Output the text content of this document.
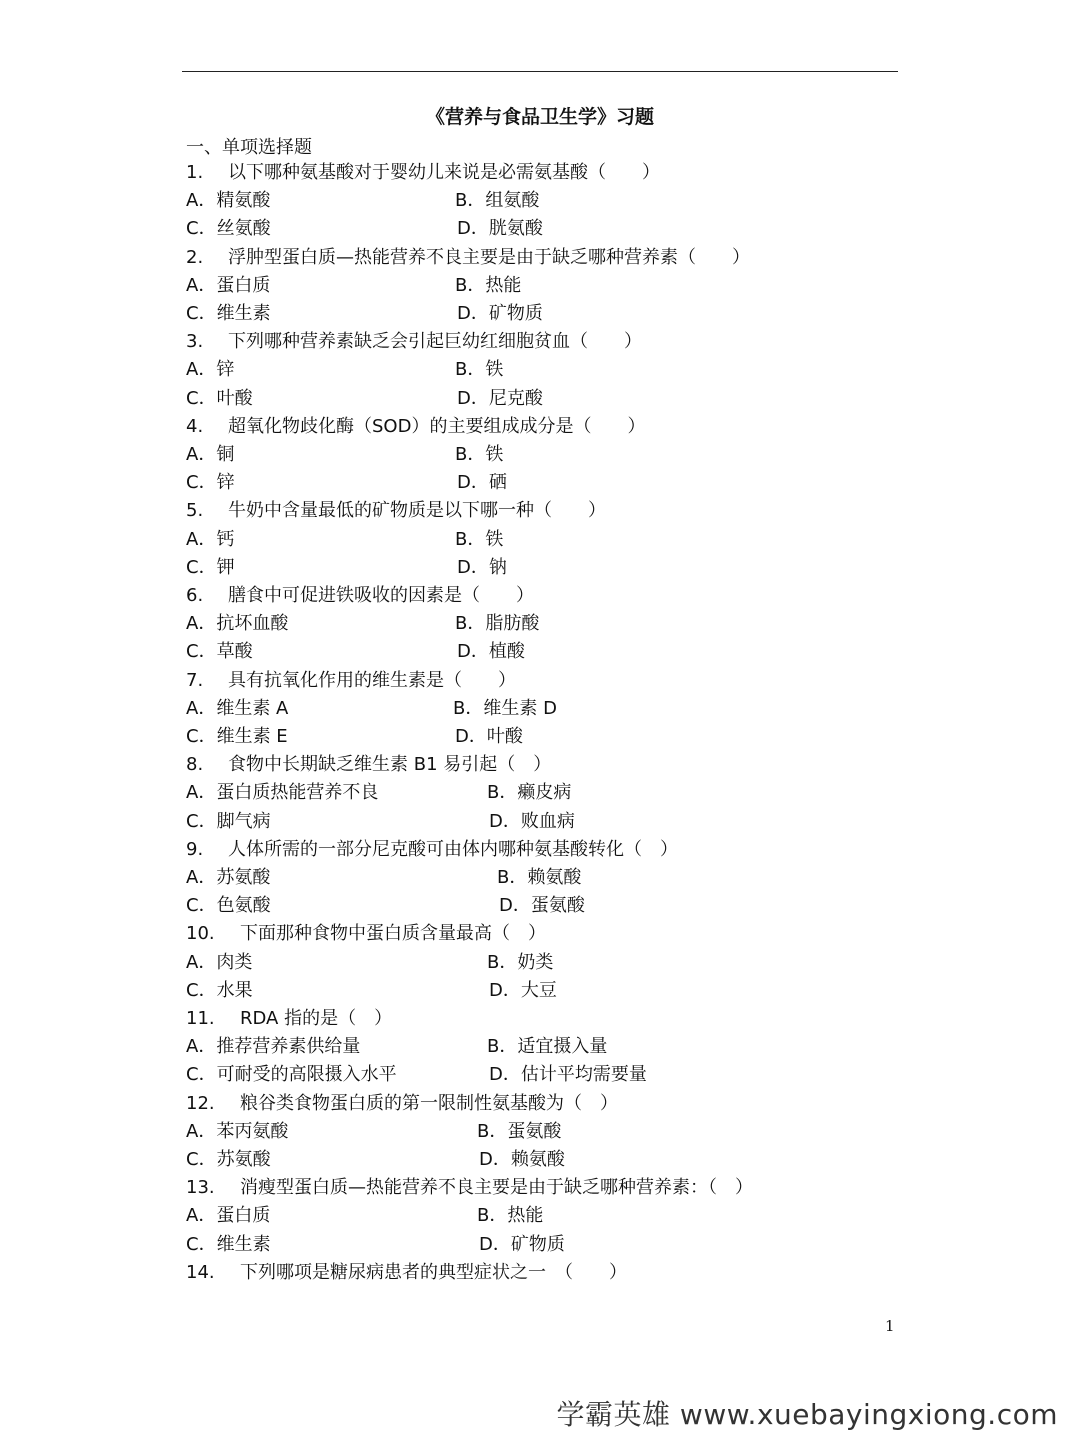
《营养与食品卫生学》习题
一、单项选择题
1. 以下哪种氨基酸对于婴幼儿来说是必需氨基酸（　　）
A．精氨酸	B．组氨酸
C．丝氨酸	D．胱氨酸
2. 浮肿型蛋白质—热能营养不良主要是由于缺乏哪种营养素（　　）
A．蛋白质	B．热能
C．维生素	D．矿物质
3. 下列哪种营养素缺乏会引起巨幼红细胞贫血（　　）
A．锌	B．铁
C．叶酸	D．尼克酸
4. 超氧化物歧化酶（SOD）的主要组成成分是（　　）
A．铜	B．铁
C．锌	D．硒
5. 牛奶中含量最低的矿物质是以下哪一种（　　）
A．钙	B．铁
C．钾	D．钠
6. 膳食中可促进铁吸收的因素是（　　）
A．抗坏血酸	B．脂肪酸
C．草酸	D．植酸
7. 具有抗氧化作用的维生素是（　　）
A．维生素 A	B．维生素 D
C．维生素 E	D．叶酸
8. 食物中长期缺乏维生素 B1 易引起（　）
A．蛋白质热能营养不良	B．癞皮病
C．脚气病	D．败血病
9. 人体所需的一部分尼克酸可由体内哪种氨基酸转化（　）
A．苏氨酸	B．赖氨酸
C．色氨酸	D．蛋氨酸
10. 下面那种食物中蛋白质含量最高（　）
A．肉类	B．奶类
C．水果	D．大豆
11. RDA 指的是（　）
A．推荐营养素供给量	B．适宜摄入量
C．可耐受的高限摄入水平	D．估计平均需要量
12. 粮谷类食物蛋白质的第一限制性氨基酸为（　）
A．苯丙氨酸	B．蛋氨酸
C．苏氨酸	D．赖氨酸
13. 消瘦型蛋白质—热能营养不良主要是由于缺乏哪种营养素：（　）
A．蛋白质	B．热能
C．维生素	D．矿物质
14. 下列哪项是糖尿病患者的典型症状之一　（　　）
1
学霸英雄 www.xuebayingxiong.com
